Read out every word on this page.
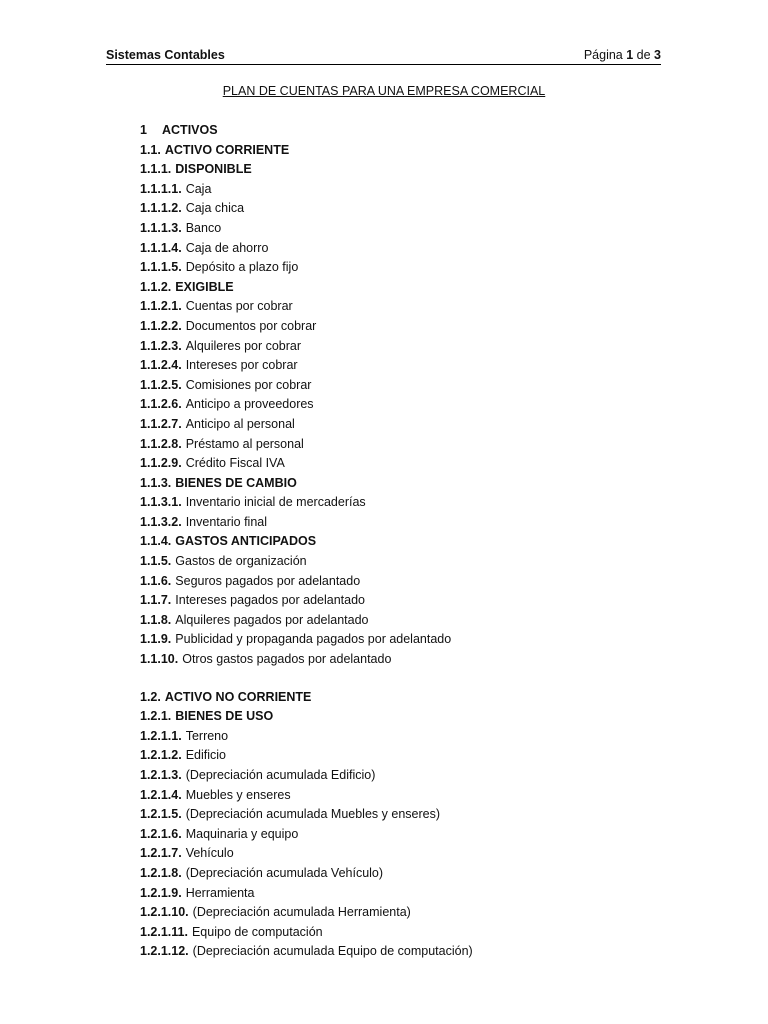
Sistemas Contables	Página 1 de 3
PLAN DE CUENTAS PARA UNA EMPRESA COMERCIAL
1 ACTIVOS
1.1. ACTIVO CORRIENTE
1.1.1. DISPONIBLE
1.1.1.1. Caja
1.1.1.2. Caja chica
1.1.1.3. Banco
1.1.1.4. Caja de ahorro
1.1.1.5. Depósito a plazo fijo
1.1.2. EXIGIBLE
1.1.2.1. Cuentas por cobrar
1.1.2.2. Documentos por cobrar
1.1.2.3. Alquileres por cobrar
1.1.2.4. Intereses por cobrar
1.1.2.5. Comisiones por cobrar
1.1.2.6. Anticipo a proveedores
1.1.2.7. Anticipo al personal
1.1.2.8. Préstamo al personal
1.1.2.9. Crédito Fiscal IVA
1.1.3. BIENES DE CAMBIO
1.1.3.1. Inventario inicial de mercaderías
1.1.3.2. Inventario final
1.1.4. GASTOS ANTICIPADOS
1.1.5. Gastos de organización
1.1.6. Seguros pagados por adelantado
1.1.7. Intereses pagados por adelantado
1.1.8. Alquileres pagados por adelantado
1.1.9. Publicidad y propaganda pagados por adelantado
1.1.10. Otros gastos pagados por adelantado
1.2. ACTIVO NO CORRIENTE
1.2.1. BIENES DE USO
1.2.1.1. Terreno
1.2.1.2. Edificio
1.2.1.3. (Depreciación acumulada Edificio)
1.2.1.4. Muebles y enseres
1.2.1.5. (Depreciación acumulada Muebles y enseres)
1.2.1.6. Maquinaria y equipo
1.2.1.7. Vehículo
1.2.1.8. (Depreciación acumulada Vehículo)
1.2.1.9. Herramienta
1.2.1.10. (Depreciación acumulada Herramienta)
1.2.1.11. Equipo de computación
1.2.1.12. (Depreciación acumulada Equipo de computación)
